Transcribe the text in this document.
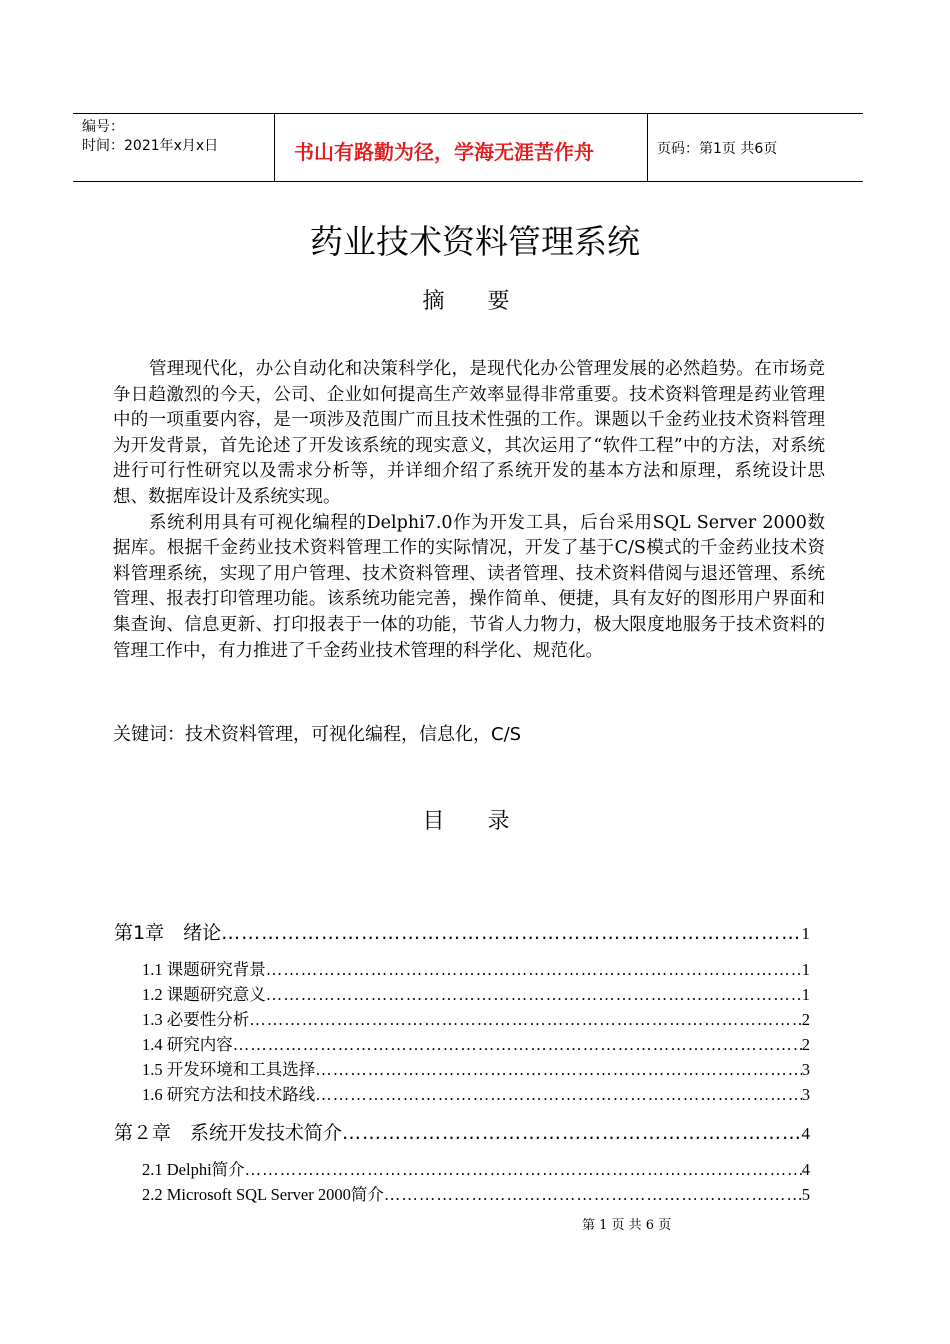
编号：
时间：2021年x月x日	书山有路勤为径，学海无涯苦作舟	页码：第1页 共6页
药业技术资料管理系统
摘 要

管理现代化，办公自动化和决策科学化，是现代化办公管理发展的必然趋势。在市场竞争日趋激烈的今天，公司、企业如何提高生产效率显得非常重要。技术资料管理是药业管理中的一项重要内容，是一项涉及范围广而且技术性强的工作。课题以千金药业技术资料管理为开发背景，首先论述了开发该系统的现实意义，其次运用了“软件工程”中的方法，对系统进行可行性研究以及需求分析等，并详细介绍了系统开发的基本方法和原理，系统设计思想、数据库设计及系统实现。

系统利用具有可视化编程的Delphi7.0作为开发工具，后台采用SQL Server 2000数据库。根据千金药业技术资料管理工作的实际情况，开发了基于C/S模式的千金药业技术资料管理系统，实现了用户管理、技术资料管理、读者管理、技术资料借阅与退还管理、系统管理、报表打印管理功能。该系统功能完善，操作简单、便捷，具有友好的图形用户界面和集查询、信息更新、打印报表于一体的功能，节省人力物力，极大限度地服务于技术资料的管理工作中，有力推进了千金药业技术管理的科学化、规范化。

关键词：技术资料管理，可视化编程，信息化，C/S
目 录
第1章　绪论 ………………………………………………………………………………………………………………………………………………………………	1
1.1 课题研究背景 ………………………………………………………………………………………………………………………………………………………………	1
1.2 课题研究意义 ………………………………………………………………………………………………………………………………………………………………	1
1.3 必要性分析 ………………………………………………………………………………………………………………………………………………………………	2
1.4 研究内容 ………………………………………………………………………………………………………………………………………………………………	2
1.5 开发环境和工具选择 ………………………………………………………………………………………………………………………………………………………………	3
1.6 研究方法和技术路线 ………………………………………………………………………………………………………………………………………………………………	3
第２章　系统开发技术简介 ………………………………………………………………………………………………………………………………………………………………	4
2.1 Delphi简介 ………………………………………………………………………………………………………………………………………………………………	4
2.2 Microsoft SQL Server 2000简介 ………………………………………………………………………………………………………………………………………………………………	5
第 1 页 共 6 页
